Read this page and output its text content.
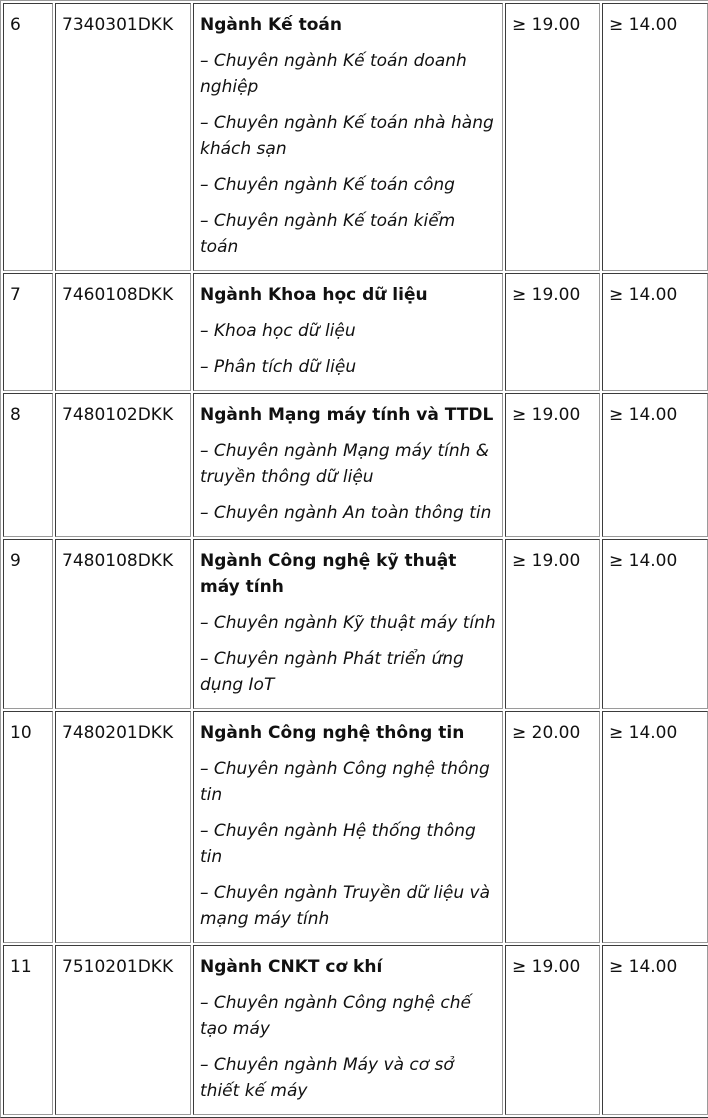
6	7340301DKK	Ngành Kế toán
– Chuyên ngành Kế toán doanh nghiệp
– Chuyên ngành Kế toán nhà hàng khách sạn
– Chuyên ngành Kế toán công
– Chuyên ngành Kế toán kiểm toán	≥ 19.00	≥ 14.00
7	7460108DKK	Ngành Khoa học dữ liệu
– Khoa học dữ liệu
– Phân tích dữ liệu	≥ 19.00	≥ 14.00
8	7480102DKK	Ngành Mạng máy tính và TTDL
– Chuyên ngành Mạng máy tính & truyền thông dữ liệu
– Chuyên ngành An toàn thông tin	≥ 19.00	≥ 14.00
9	7480108DKK	Ngành Công nghệ kỹ thuật máy tính
– Chuyên ngành Kỹ thuật máy tính
– Chuyên ngành Phát triển ứng dụng IoT	≥ 19.00	≥ 14.00
10	7480201DKK	Ngành Công nghệ thông tin
– Chuyên ngành Công nghệ thông tin
– Chuyên ngành Hệ thống thông tin
– Chuyên ngành Truyền dữ liệu và mạng máy tính	≥ 20.00	≥ 14.00
11	7510201DKK	Ngành CNKT cơ khí
– Chuyên ngành Công nghệ chế tạo máy
– Chuyên ngành Máy và cơ sở thiết kế máy	≥ 19.00	≥ 14.00
